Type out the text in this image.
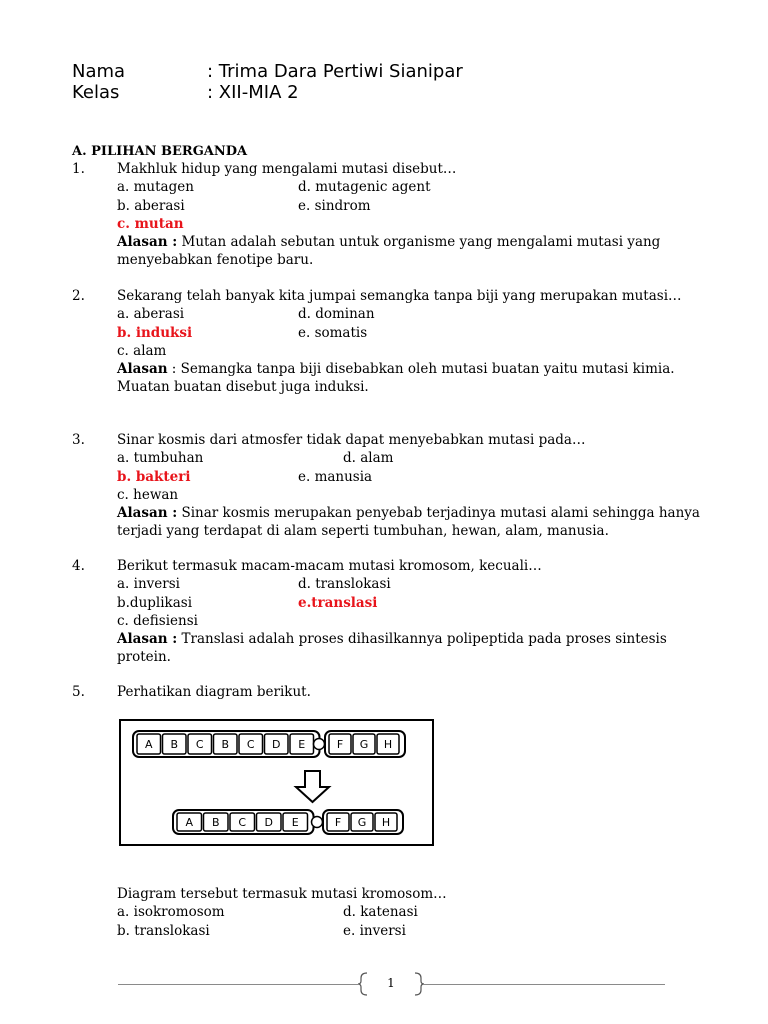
Nama	: Trima Dara Pertiwi Sianipar
Kelas	: XII-MIA 2
A. PILIHAN BERGANDA
1.	Makhluk hidup yang mengalami mutasi disebut…
a. mutagen	d. mutagenic agent
b. aberasi	e. sindrom
c. mutan
Alasan : Mutan adalah sebutan untuk organisme yang mengalami mutasi yang menyebabkan fenotipe baru.
2.	Sekarang telah banyak kita jumpai semangka tanpa biji yang merupakan mutasi…
a. aberasi	d. dominan
b. induksi	e. somatis
c. alam
Alasan : Semangka tanpa biji disebabkan oleh mutasi buatan yaitu mutasi kimia. Muatan buatan disebut juga induksi.
3.	Sinar kosmis dari atmosfer tidak dapat menyebabkan mutasi pada…
a. tumbuhan	d. alam
b. bakteri	e. manusia
c. hewan
Alasan : Sinar kosmis merupakan penyebab terjadinya mutasi alami sehingga hanya terjadi yang terdapat di alam seperti tumbuhan, hewan, alam, manusia.
4.	Berikut termasuk macam-macam mutasi kromosom, kecuali…
a. inversi	d. translokasi
b.duplikasi	e.translasi
c. defisiensi
Alasan : Translasi adalah proses dihasilkannya polipeptida pada proses sintesis protein.
5.	Perhatikan diagram berikut.
A B C B C D E	F G H
A B C D E	F G H
Diagram tersebut termasuk mutasi kromosom…
a. isokromosom	d. katenasi
b. translokasi	e. inversi
1
